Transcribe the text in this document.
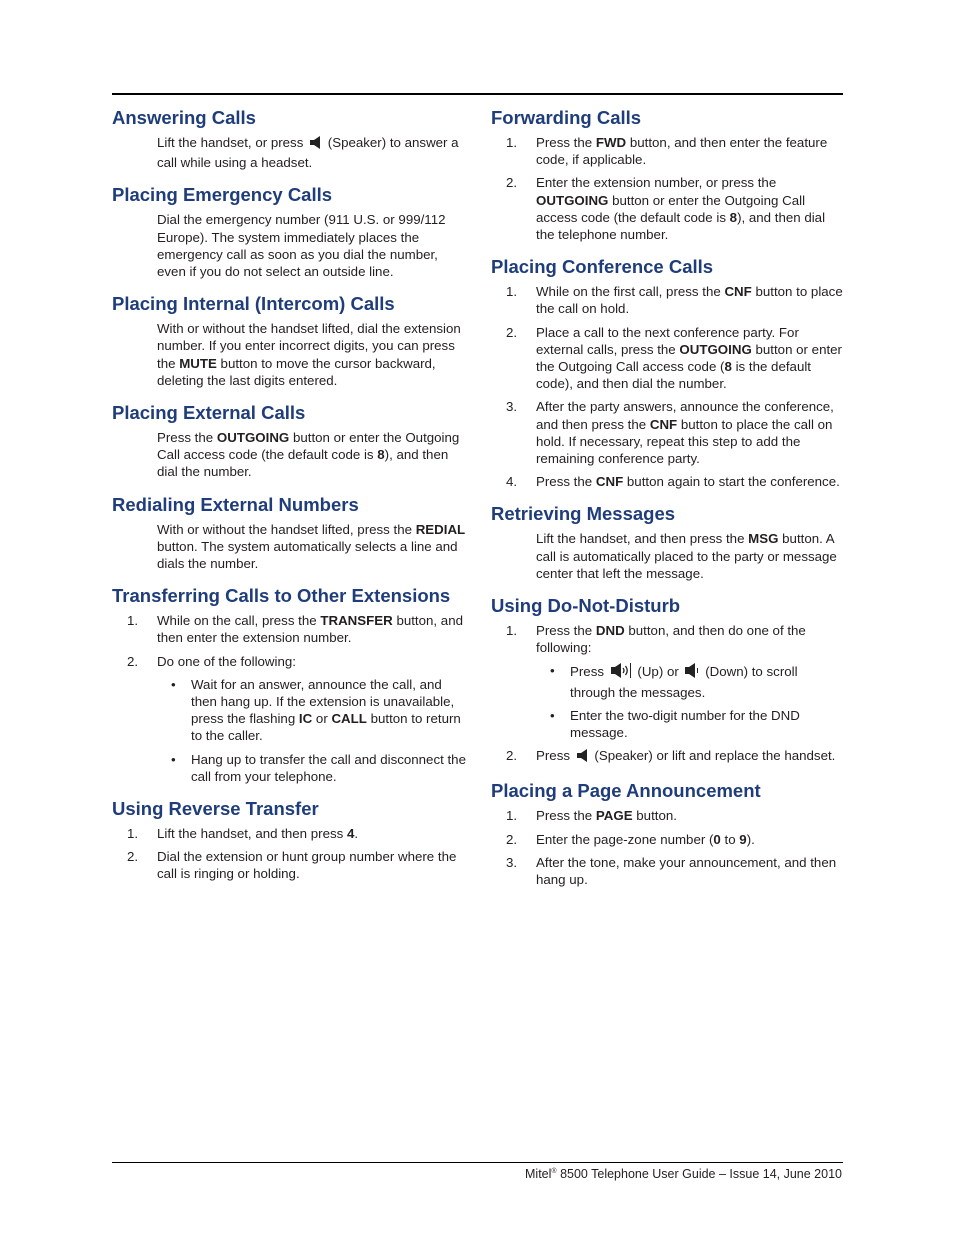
Answering Calls

Lift the handset, or press (Speaker) to answer a call while using a headset.

Placing Emergency Calls

Dial the emergency number (911 U.S. or 999/112 Europe). The system immediately places the emergency call as soon as you dial the number, even if you do not select an outside line.

Placing Internal (Intercom) Calls

With or without the handset lifted, dial the extension number. If you enter incorrect digits, you can press the MUTE button to move the cursor backward, deleting the last digits entered.

Placing External Calls

Press the OUTGOING button or enter the Outgoing Call access code (the default code is 8), and then dial the number.

Redialing External Numbers

With or without the handset lifted, press the REDIAL button. The system automatically selects a line and dials the number.

Transferring Calls to Other Extensions
1.	While on the call, press the TRANSFER button, and then enter the extension number.
2.	Do one of the following:
• Wait for an answer, announce the call, and then hang up. If the extension is unavailable, press the flashing IC or CALL button to return to the caller.
• Hang up to transfer the call and disconnect the call from your telephone.
Using Reverse Transfer
1.	Lift the handset, and then press 4.
2.	Dial the extension or hunt group number where the call is ringing or holding.
Forwarding Calls
1.	Press the FWD button, and then enter the feature code, if applicable.
2.	Enter the extension number, or press the OUTGOING button or enter the Outgoing Call access code (the default code is 8), and then dial the telephone number.
Placing Conference Calls
1.	While on the first call, press the CNF button to place the call on hold.
2.	Place a call to the next conference party. For external calls, press the OUTGOING button or enter the Outgoing Call access code (8 is the default code), and then dial the number.
3.	After the party answers, announce the conference, and then press the CNF button to place the call on hold. If necessary, repeat this step to add the remaining conference party.
4.	Press the CNF button again to start the conference.
Retrieving Messages

Lift the handset, and then press the MSG button. A call is automatically placed to the party or message center that left the message.

Using Do-Not-Disturb
1.	Press the DND button, and then do one of the following:
• Press	(Up) or (Down) to scroll through the messages.
• Enter the two-digit number for the DND message.
2.	Press (Speaker) or lift and replace the handset.
Placing a Page Announcement
1.	Press the PAGE button.
2.	Enter the page-zone number (0 to 9).
3.	After the tone, make your announcement, and then hang up.
Mitel® 8500 Telephone User Guide – Issue 14, June 2010
